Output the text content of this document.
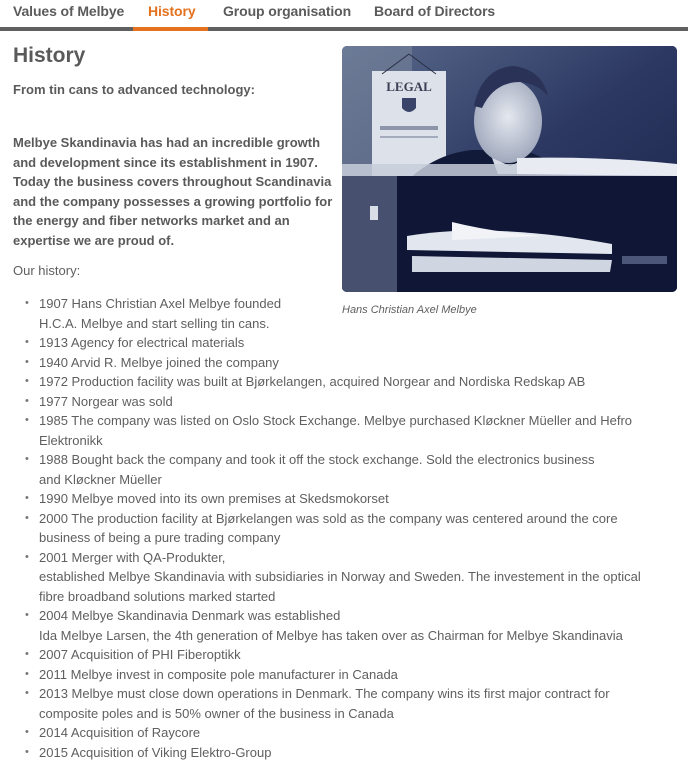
Values of Melbye History Group organisation Board of Directors
History

From tin cans to advanced technology:

Melbye Skandinavia has had an incredible growth and development since its establishment in 1907. Today the business covers throughout Scandinavia and the company possesses a growing portfolio for the energy and fiber networks market and an expertise we are proud of.

Our history:

LEGAL
Hans Christian Axel Melbye
• 1907 Hans Christian Axel Melbye founded
H.C.A. Melbye and start selling tin cans.
• 1913 Agency for electrical materials
• 1940 Arvid R. Melbye joined the company
• 1972 Production facility was built at Bjørkelangen, acquired Norgear and Nordiska Redskap AB
• 1977 Norgear was sold
• 1985 The company was listed on Oslo Stock Exchange. Melbye purchased Kløckner Müeller and Hefro
Elektronikk
• 1988 Bought back the company and took it off the stock exchange. Sold the electronics business
and Kløckner Müeller
• 1990 Melbye moved into its own premises at Skedsmokorset
• 2000 The production facility at Bjørkelangen was sold as the company was centered around the core
business of being a pure trading company
• 2001 Merger with QA-Produkter,
established Melbye Skandinavia with subsidiaries in Norway and Sweden. The investement in the optical
fibre broadband solutions marked started
• 2004 Melbye Skandinavia Denmark was established
Ida Melbye Larsen, the 4th generation of Melbye has taken over as Chairman for Melbye Skandinavia
• 2007 Acquisition of PHI Fiberoptikk
• 2011 Melbye invest in composite pole manufacturer in Canada
• 2013 Melbye must close down operations in Denmark. The company wins its first major contract for
composite poles and is 50% owner of the business in Canada
• 2014 Acquisition of Raycore
• 2015 Acquisition of Viking Elektro-Group
